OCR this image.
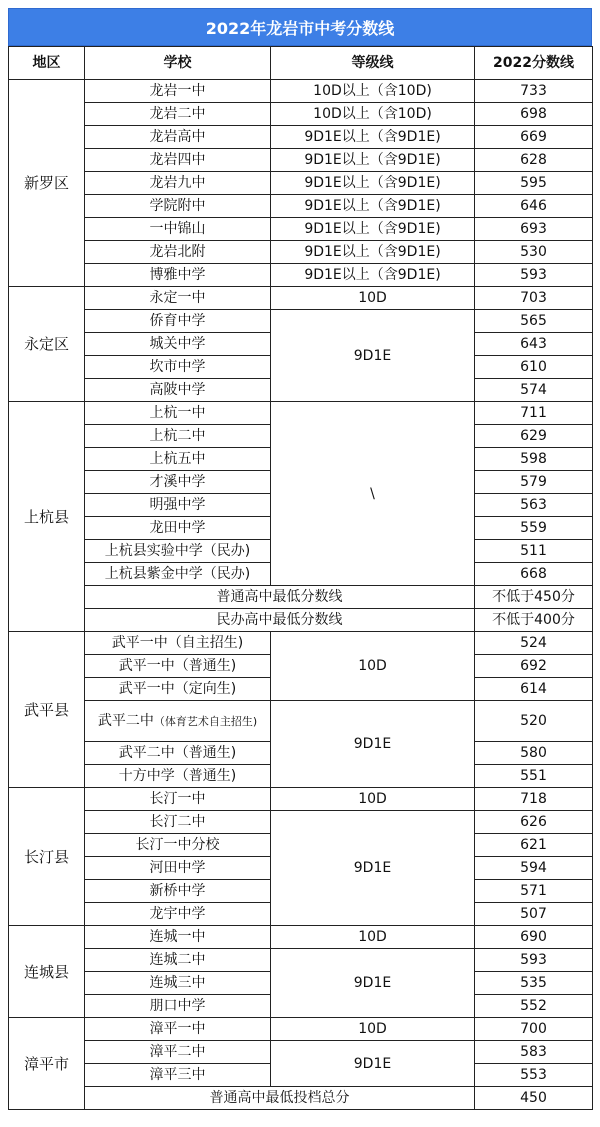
2022年龙岩市中考分数线
地区	学校	等级线	2022分数线
新罗区	龙岩一中	10D以上（含10D)	733
	龙岩二中	10D以上（含10D)	698
	龙岩高中	9D1E以上（含9D1E)	669
	龙岩四中	9D1E以上（含9D1E)	628
	龙岩九中	9D1E以上（含9D1E)	595
	学院附中	9D1E以上（含9D1E)	646
	一中锦山	9D1E以上（含9D1E)	693
	龙岩北附	9D1E以上（含9D1E)	530
	博雅中学	9D1E以上（含9D1E)	593
永定区	永定一中	10D	703
	侨育中学	9D1E	565
	城关中学		643
	坎市中学		610
	高陂中学		574
上杭县	上杭一中	\	711
	上杭二中		629
	上杭五中		598
	才溪中学		579
	明强中学		563
	龙田中学		559
	上杭县实验中学（民办)		511
	上杭县紫金中学（民办)		668
	普通高中最低分数线		不低于450分
	民办高中最低分数线		不低于400分
武平县	武平一中（自主招生)	10D	524
	武平一中（普通生)		692
	武平一中（定向生)		614
	武平二中（体育艺术自主招生)	9D1E	520
	武平二中（普通生)		580
	十方中学（普通生)		551
长汀县	长汀一中	10D	718
	长汀二中	9D1E	626
	长汀一中分校		621
	河田中学		594
	新桥中学		571
	龙宇中学		507
连城县	连城一中	10D	690
	连城二中	9D1E	593
	连城三中		535
	朋口中学		552
漳平市	漳平一中	10D	700
	漳平二中	9D1E	583
	漳平三中		553
	普通高中最低投档总分		450
